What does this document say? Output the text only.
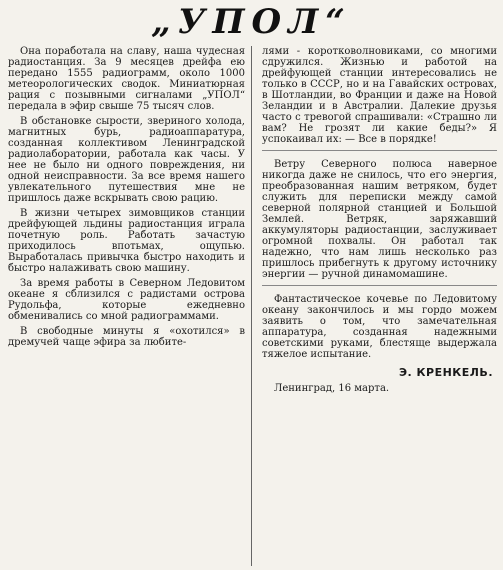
„УПОЛ“

Она поработала на славу, наша чудесная радиостанция. За 9 месяцев дрейфа ею передано 1555 радиограмм, около 1000 метеорологических сводок. Миниатюрная рация с позывными сигналами „УПОЛ“ передала в эфир свыше 75 тысяч слов.

В обстановке сырости, звериного холода, магнитных бурь, радиоаппаратура, созданная коллективом Ленинградской радиолаборатории, работала как часы. У нее не было ни одного повреждения, ни одной неисправности. За все время нашего увлекательного путешествия мне не пришлось даже вскрывать свою рацию.

В жизни четырех зимовщиков станции дрейфующей льдины радиостанция играла почетную роль. Работать зачастую приходилось впотьмах, ощупью. Выработалась привычка быстро находить и быстро налаживать свою машину.

За время работы в Северном Ледовитом океане я сблизился с радистами острова Рудольфа, которые ежедневно обменивались со мной радиограммами.

В свободные минуты я «охотился» в дремучей чаще эфира за любите-

лями - коротковолновиками, со многими сдружился. Жизнью и работой на дрейфующей станции интересовались не только в СССР, но и на Гавайских островах, в Шотландии, во Франции и даже на Новой Зеландии и в Австралии. Далекие друзья часто с тревогой спрашивали: «Страшно ли вам? Не грозят ли какие беды?» Я успокаивал их: — Все в порядке!

Ветру Северного полюса наверное никогда даже не снилось, что его энергия, преобразованная нашим ветряком, будет служить для переписки между самой северной полярной станцией и Большой Землей. Ветряк, заряжавший аккумуляторы радиостанции, заслуживает огромной похвалы. Он работал так надежно, что нам лишь несколько раз пришлось прибегнуть к другому источнику энергии — ручной динамомашине.

Фантастическое кочевье по Ледовитому океану закончилось и мы гордо можем заявить о том, что замечательная аппаратура, созданная надежными советскими руками, блестяще выдержала тяжелое испытание.

Э. КРЕНКЕЛЬ.
Ленинград, 16 марта.
